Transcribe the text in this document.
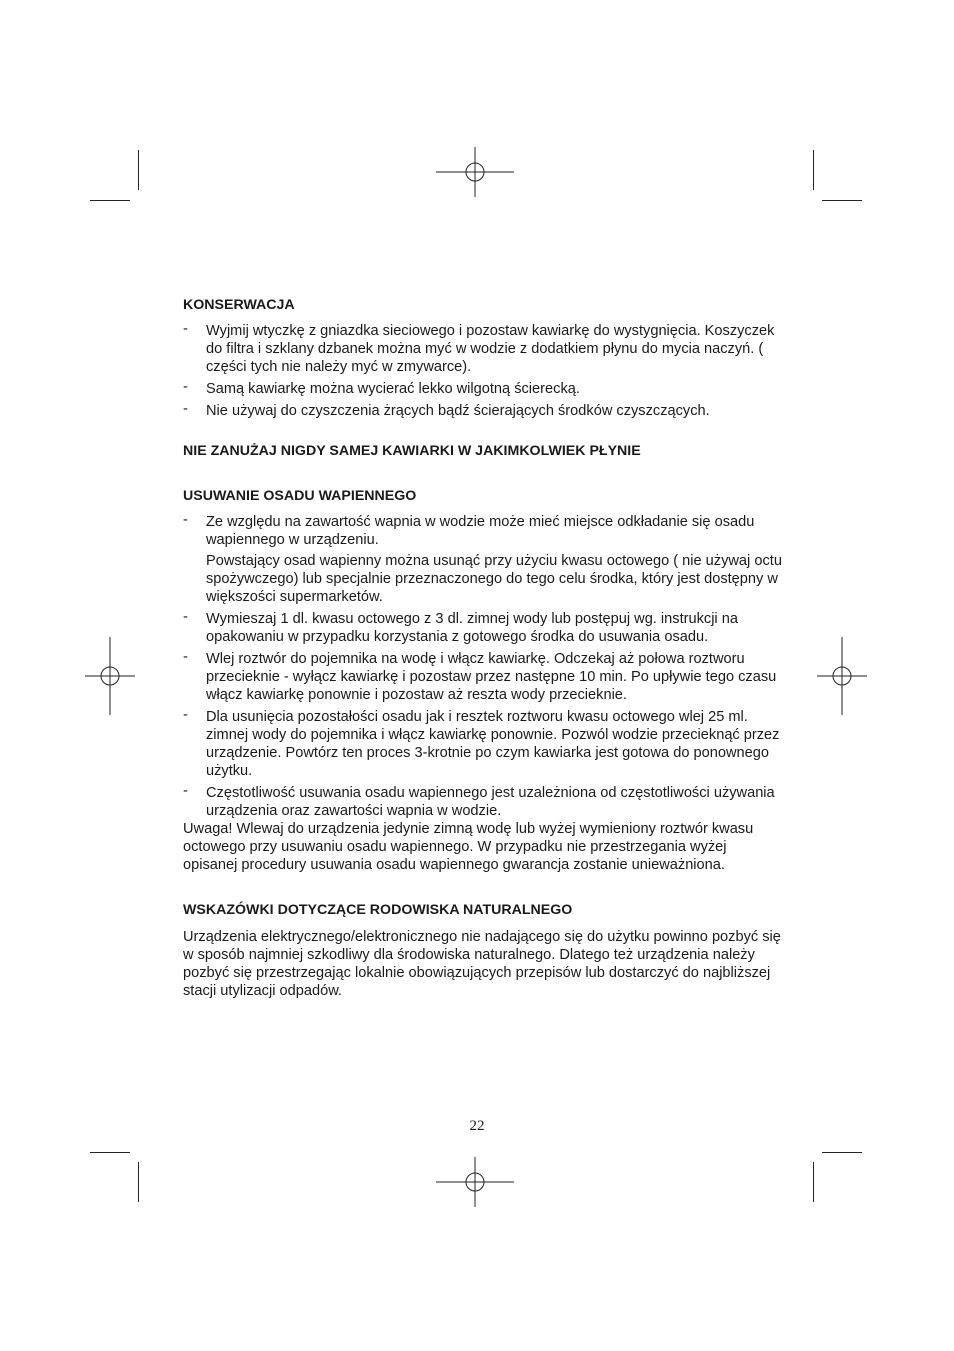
KONSERWACJA
- Wyjmij wtyczkę z gniazdka sieciowego i pozostaw kawiarkę do wystygnięcia. Koszyczek do filtra i szklany dzbanek można myć w wodzie z dodatkiem płynu do mycia naczyń. ( części tych nie należy myć w zmywarce).

- Samą kawiarkę można wycierać lekko wilgotną ścierecką.

- Nie używaj do czyszczenia żrących bądź ścierających środków czyszczących.

NIE ZANUŻAJ NIGDY SAMEJ KAWIARKI W JAKIMKOLWIEK PŁYNIE
USUWANIE OSADU WAPIENNEGO
- Ze względu na zawartość wapnia w wodzie może mieć miejsce odkładanie się osadu wapiennego w urządzeniu.

Powstający osad wapienny można usunąć przy użyciu kwasu octowego ( nie używaj octu spożywczego) lub specjalnie przeznaczonego do tego celu środka, który jest dostępny w większości supermarketów.

- Wymieszaj 1 dl. kwasu octowego z 3 dl. zimnej wody lub postępuj wg. instrukcji na opakowaniu w przypadku korzystania z gotowego środka do usuwania osadu.

- Wlej roztwór do pojemnika na wodę i włącz kawiarkę. Odczekaj aż połowa roztworu przecieknie - wyłącz kawiarkę i pozostaw przez następne 10 min. Po upływie tego czasu włącz kawiarkę ponownie i pozostaw aż reszta wody przecieknie.

- Dla usunięcia pozostałości osadu jak i resztek roztworu kwasu octowego wlej 25 ml. zimnej wody do pojemnika i włącz kawiarkę ponownie. Pozwól wodzie przecieknąć przez urządzenie. Powtórz ten proces 3-krotnie po czym kawiarka jest gotowa do ponownego użytku.

- Częstotliwość usuwania osadu wapiennego jest uzależniona od częstotliwości używania urządzenia oraz zawartości wapnia w wodzie.

Uwaga! Wlewaj do urządzenia jedynie zimną wodę lub wyżej wymieniony roztwór kwasu octowego przy usuwaniu osadu wapiennego. W przypadku nie przestrzegania wyżej opisanej procedury usuwania osadu wapiennego gwarancja zostanie unieważniona.

WSKAZÓWKI DOTYCZĄCE RODOWISKA NATURALNEGO

Urządzenia elektrycznego/elektronicznego nie nadającego się do użytku powinno pozbyć się w sposób najmniej szkodliwy dla środowiska naturalnego. Dlatego też urządzenia należy pozbyć się przestrzegając lokalnie obowiązujących przepisów lub dostarczyć do najbliższej stacji utylizacji odpadów.

22
